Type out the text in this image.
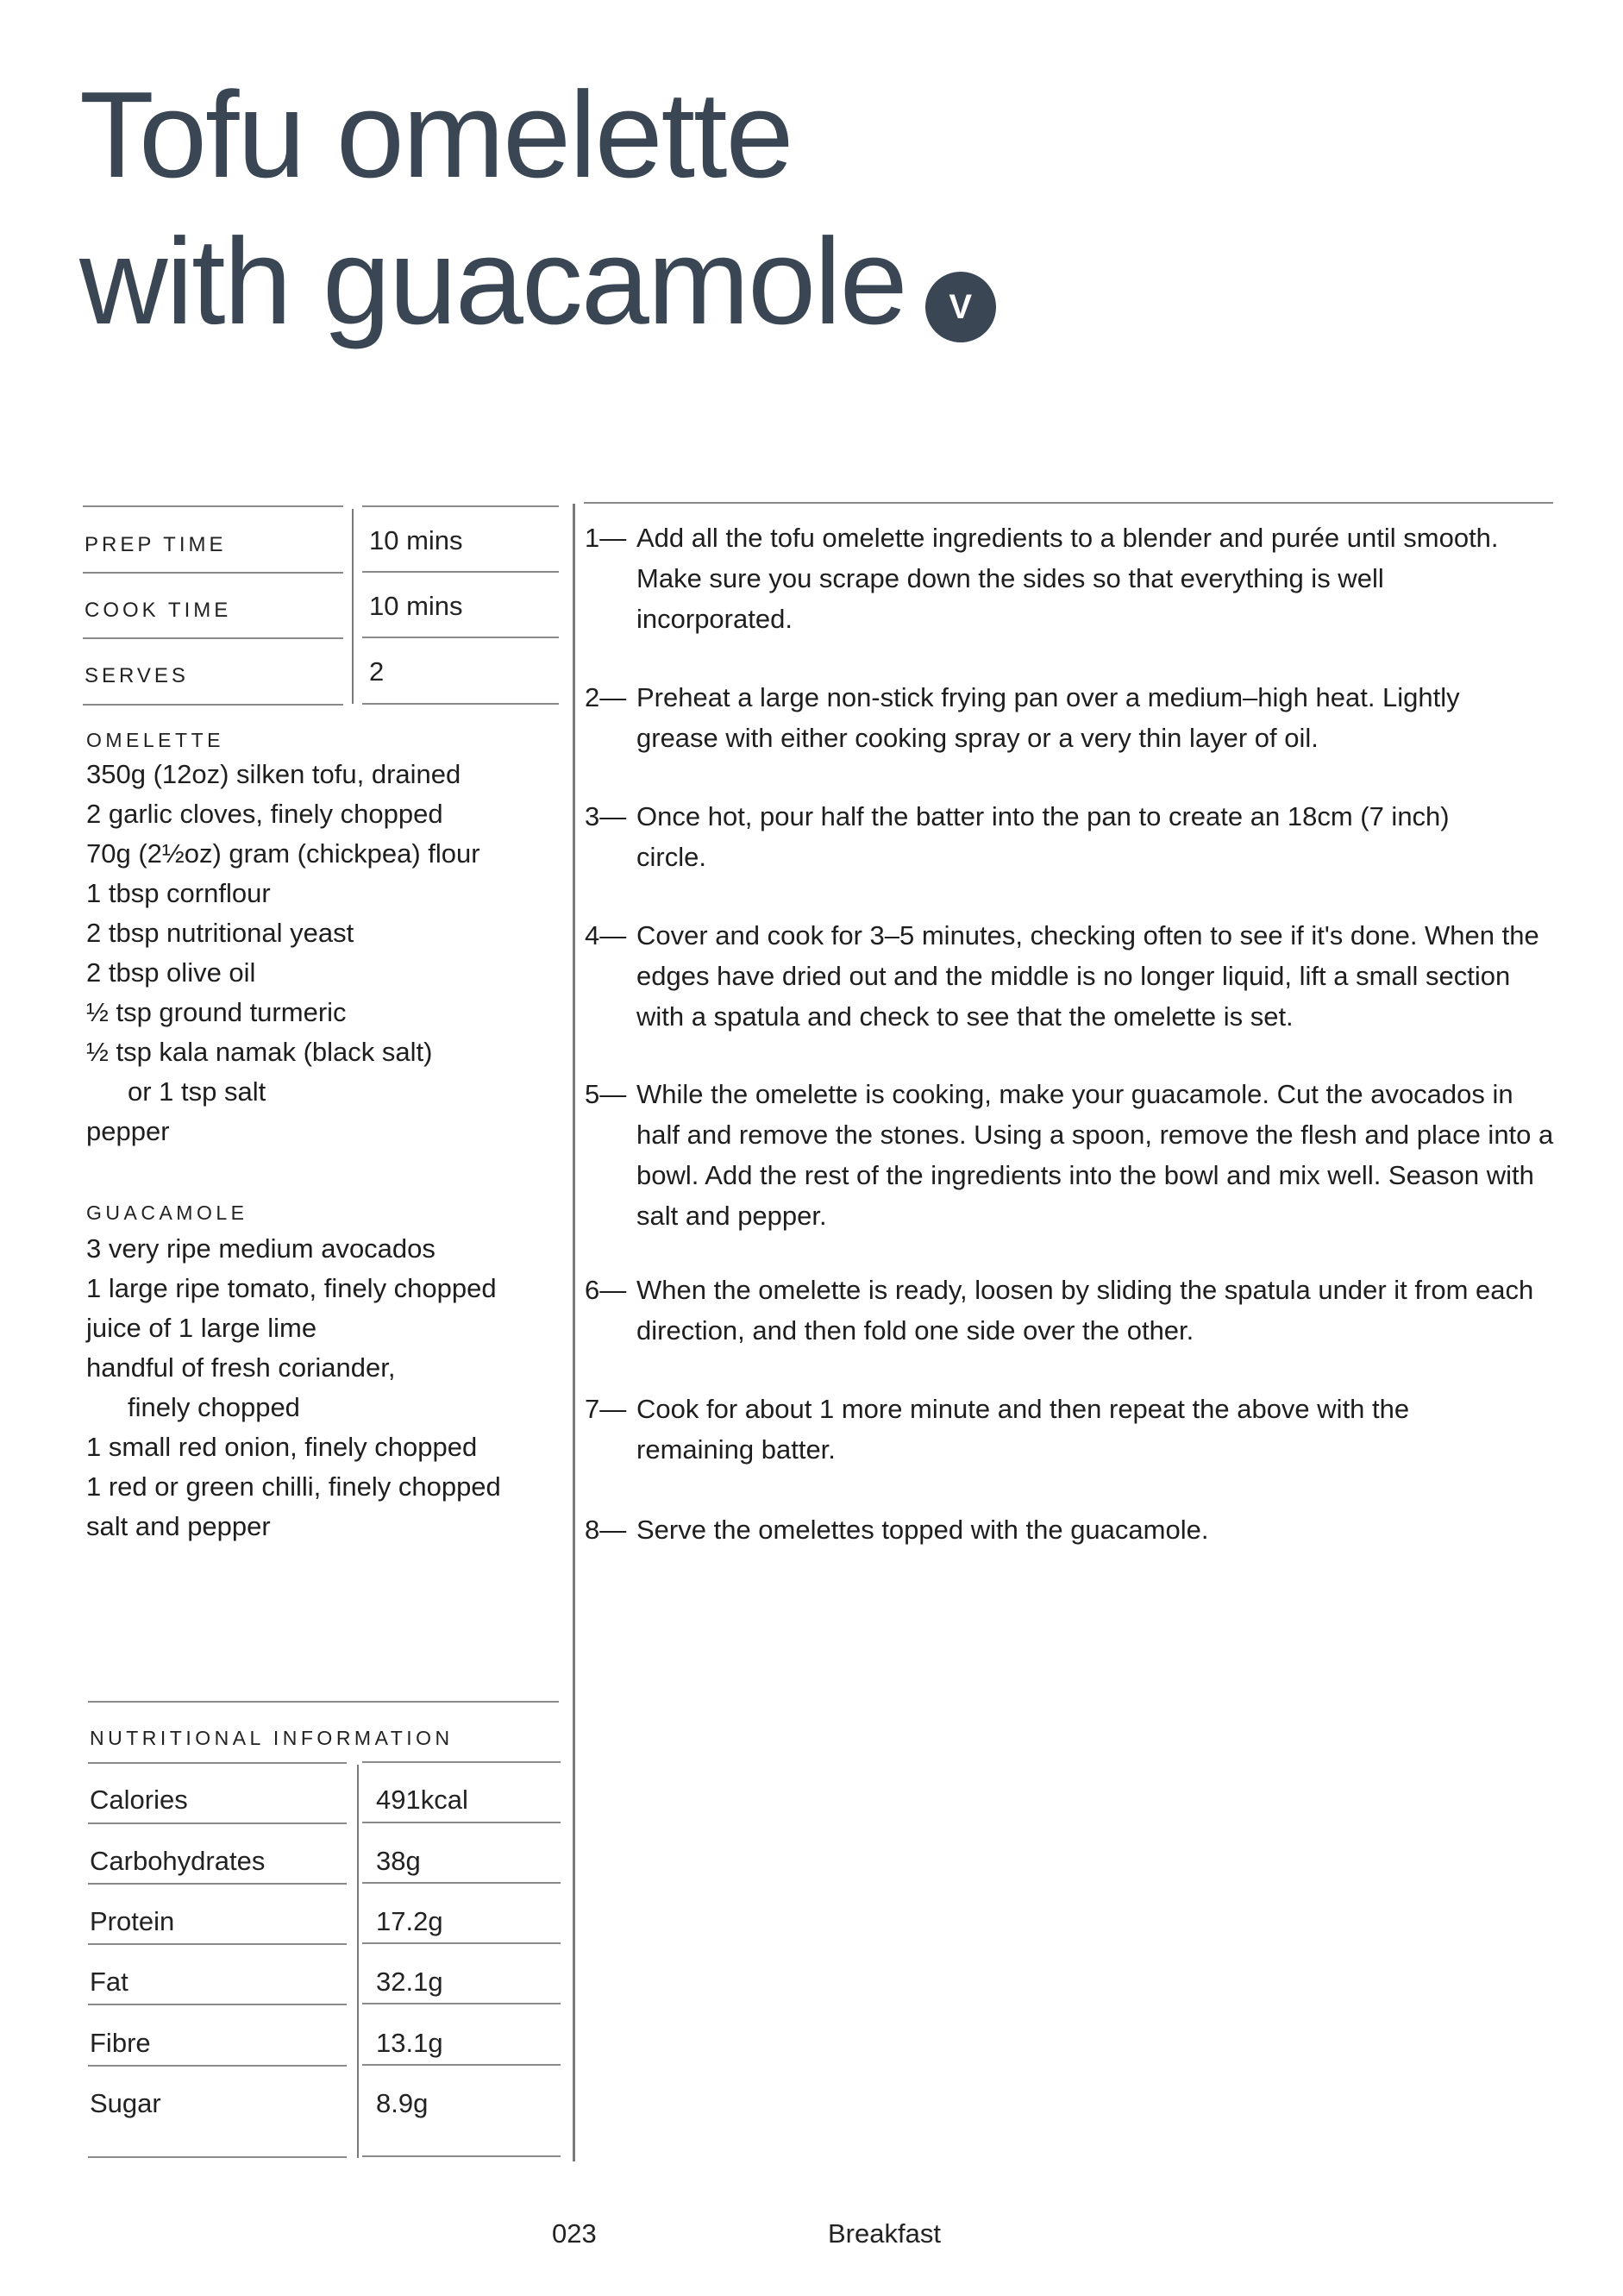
Tofu omelette
with guacamole V
PREP TIME	10 mins
COOK TIME	10 mins
SERVES	2
OMELETTE
350g (12oz) silken tofu, drained
2 garlic cloves, finely chopped
70g (2½oz) gram (chickpea) flour
1 tbsp cornflour
2 tbsp nutritional yeast
2 tbsp olive oil
½ tsp ground turmeric
½ tsp kala namak (black salt)
or 1 tsp salt
pepper
GUACAMOLE
3 very ripe medium avocados
1 large ripe tomato, finely chopped
juice of 1 large lime
handful of fresh coriander,
finely chopped
1 small red onion, finely chopped
1 red or green chilli, finely chopped
salt and pepper
NUTRITIONAL INFORMATION
Calories	491kcal
Carbohydrates	38g
Protein	17.2g
Fat	32.1g
Fibre	13.1g
Sugar	8.9g
1— Add all the tofu omelette ingredients to a blender and purée until smooth. Make sure you scrape down the sides so that everything is well incorporated.
2— Preheat a large non-stick frying pan over a medium–high heat. Lightly grease with either cooking spray or a very thin layer of oil.
3— Once hot, pour half the batter into the pan to create an 18cm (7 inch) circle.
4— Cover and cook for 3–5 minutes, checking often to see if it's done. When the edges have dried out and the middle is no longer liquid, lift a small section with a spatula and check to see that the omelette is set.
5— While the omelette is cooking, make your guacamole. Cut the avocados in half and remove the stones. Using a spoon, remove the flesh and place into a bowl. Add the rest of the ingredients into the bowl and mix well. Season with salt and pepper.
6— When the omelette is ready, loosen by sliding the spatula under it from each direction, and then fold one side over the other.
7— Cook for about 1 more minute and then repeat the above with the remaining batter.
8— Serve the omelettes topped with the guacamole.
023	Breakfast
